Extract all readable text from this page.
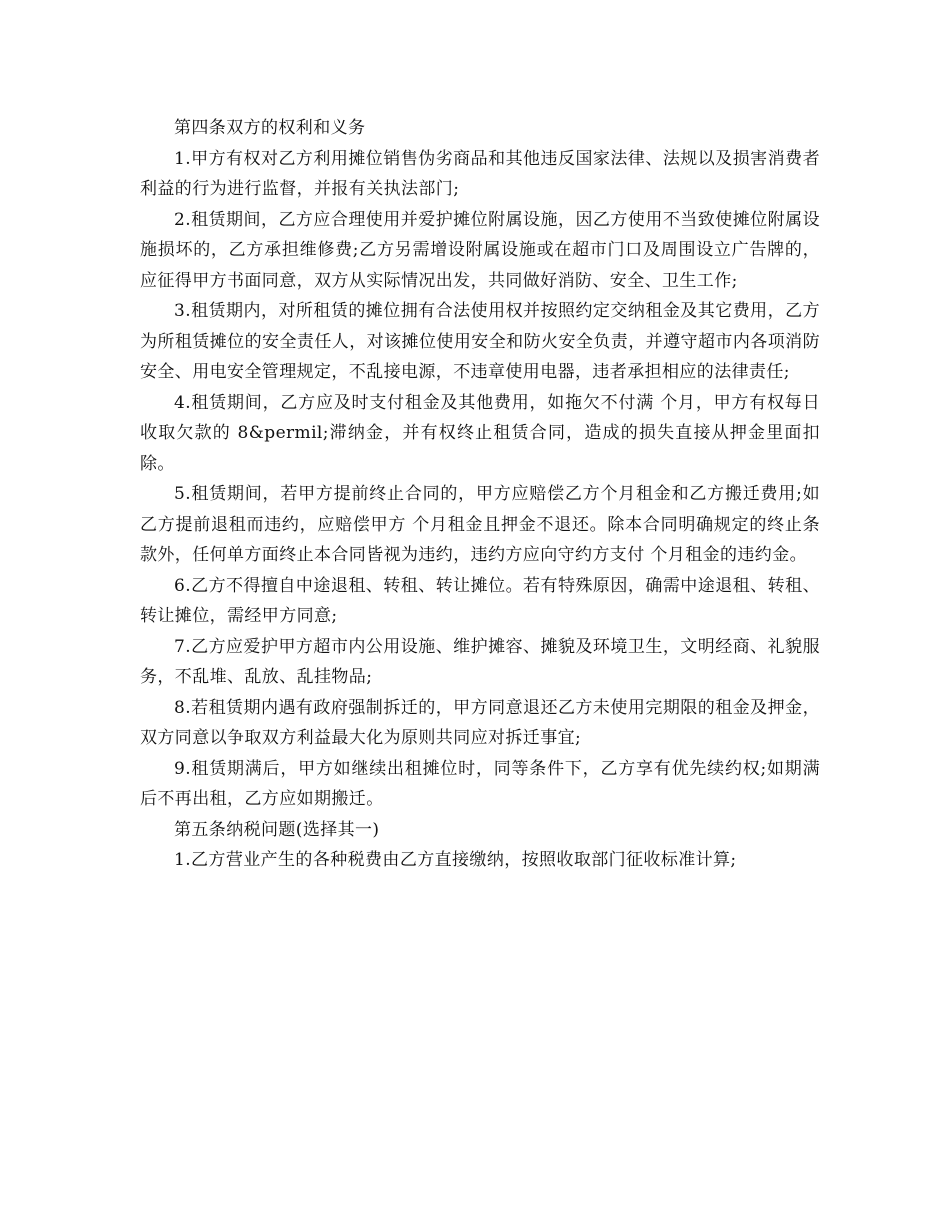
第四条双方的权利和义务

1.甲方有权对乙方利用摊位销售伪劣商品和其他违反国家法律、法规以及损害消费者利益的行为进行监督，并报有关执法部门;

2.租赁期间，乙方应合理使用并爱护摊位附属设施，因乙方使用不当致使摊位附属设施损坏的，乙方承担维修费;乙方另需增设附属设施或在超市门口及周围设立广告牌的，应征得甲方书面同意，双方从实际情况出发，共同做好消防、安全、卫生工作;

3.租赁期内，对所租赁的摊位拥有合法使用权并按照约定交纳租金及其它费用，乙方为所租赁摊位的安全责任人，对该摊位使用安全和防火安全负责，并遵守超市内各项消防安全、用电安全管理规定，不乱接电源，不违章使用电器，违者承担相应的法律责任;

4.租赁期间，乙方应及时支付租金及其他费用，如拖欠不付满 个月，甲方有权每日收取欠款的 8&permil;滞纳金，并有权终止租赁合同，造成的损失直接从押金里面扣除。

5.租赁期间，若甲方提前终止合同的，甲方应赔偿乙方个月租金和乙方搬迁费用;如乙方提前退租而违约，应赔偿甲方 个月租金且押金不退还。除本合同明确规定的终止条款外，任何单方面终止本合同皆视为违约，违约方应向守约方支付 个月租金的违约金。

6.乙方不得擅自中途退租、转租、转让摊位。若有特殊原因，确需中途退租、转租、转让摊位，需经甲方同意;

7.乙方应爱护甲方超市内公用设施、维护摊容、摊貌及环境卫生，文明经商、礼貌服务，不乱堆、乱放、乱挂物品;

8.若租赁期内遇有政府强制拆迁的，甲方同意退还乙方未使用完期限的租金及押金，双方同意以争取双方利益最大化为原则共同应对拆迁事宜;

9.租赁期满后，甲方如继续出租摊位时，同等条件下，乙方享有优先续约权;如期满后不再出租，乙方应如期搬迁。

第五条纳税问题(选择其一)

1.乙方营业产生的各种税费由乙方直接缴纳，按照收取部门征收标准计算;
